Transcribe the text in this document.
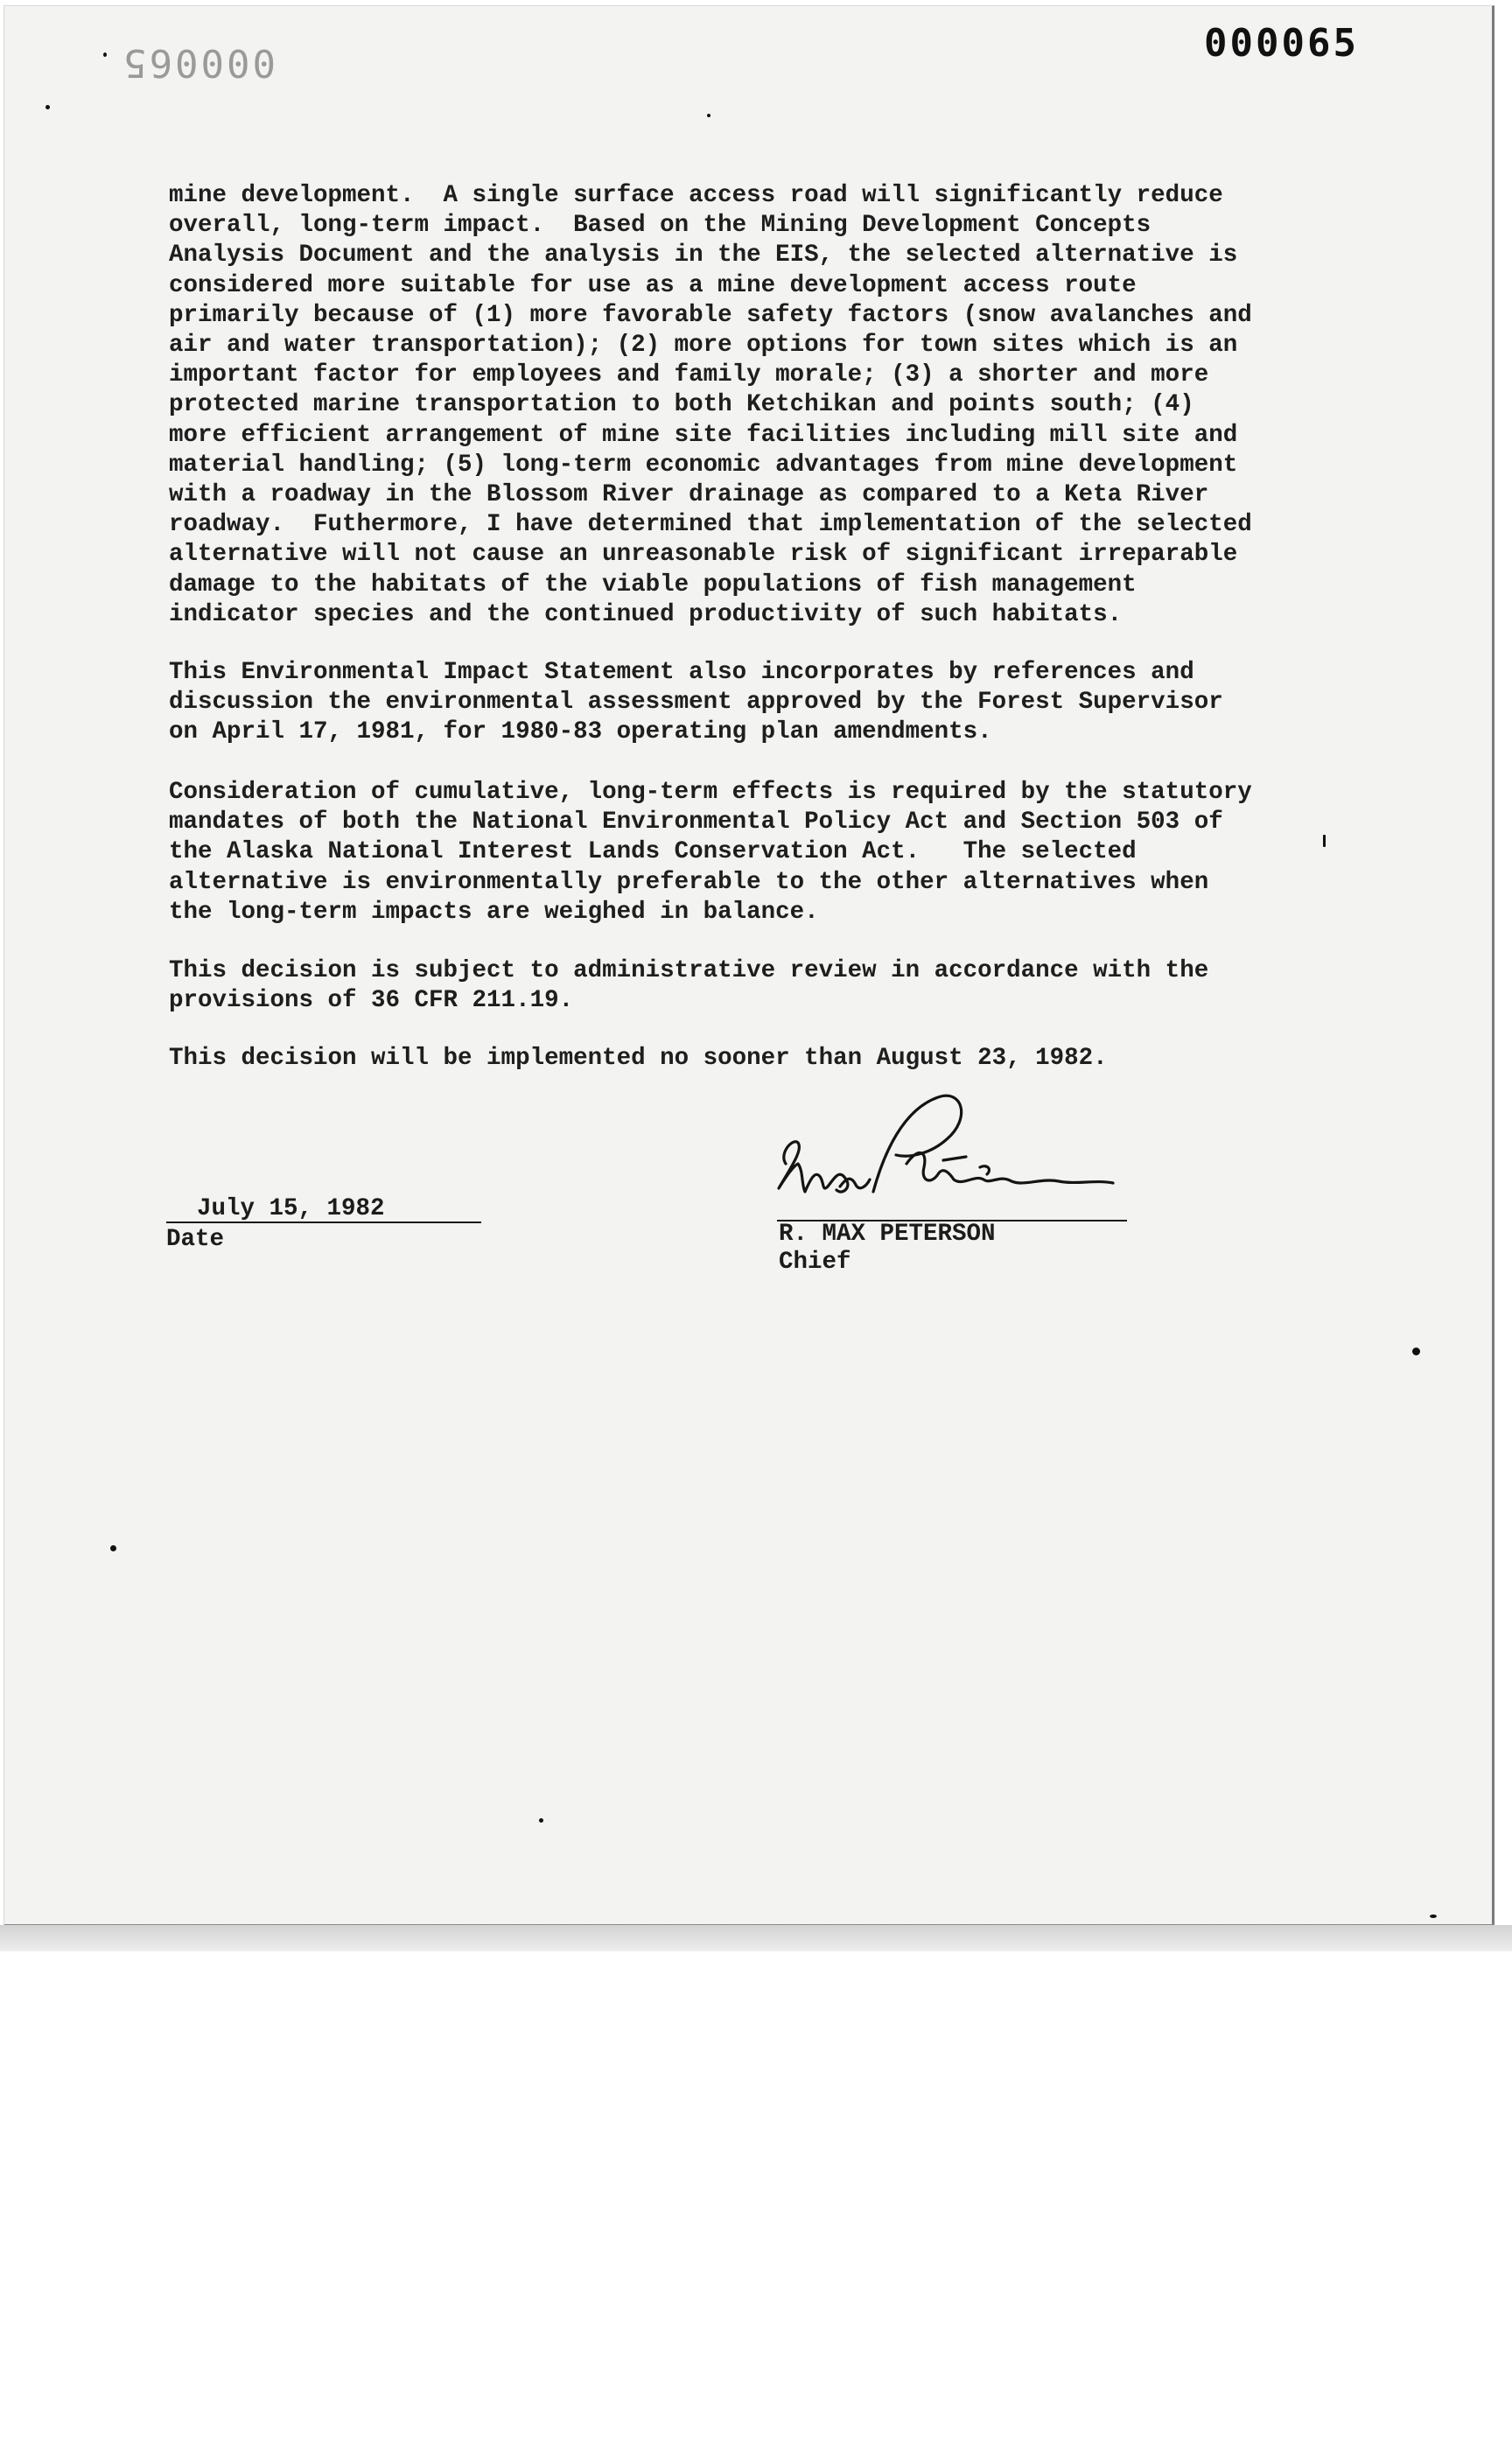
000065	000065

mine development.  A single surface access road will significantly reduce
overall, long-term impact.  Based on the Mining Development Concepts
Analysis Document and the analysis in the EIS, the selected alternative is
considered more suitable for use as a mine development access route
primarily because of (1) more favorable safety factors (snow avalanches and
air and water transportation); (2) more options for town sites which is an
important factor for employees and family morale; (3) a shorter and more
protected marine transportation to both Ketchikan and points south; (4)
more efficient arrangement of mine site facilities including mill site and
material handling; (5) long-term economic advantages from mine development
with a roadway in the Blossom River drainage as compared to a Keta River
roadway.  Futhermore, I have determined that implementation of the selected
alternative will not cause an unreasonable risk of significant irreparable
damage to the habitats of the viable populations of fish management
indicator species and the continued productivity of such habitats.

This Environmental Impact Statement also incorporates by references and
discussion the environmental assessment approved by the Forest Supervisor
on April 17, 1981, for 1980-83 operating plan amendments.

Consideration of cumulative, long-term effects is required by the statutory
mandates of both the National Environmental Policy Act and Section 503 of
the Alaska National Interest Lands Conservation Act.   The selected
alternative is environmentally preferable to the other alternatives when
the long-term impacts are weighed in balance.

This decision is subject to administrative review in accordance with the
provisions of 36 CFR 211.19.

This decision will be implemented no sooner than August 23, 1982.

July 15, 1982
Date	R. MAX PETERSON
Chief
